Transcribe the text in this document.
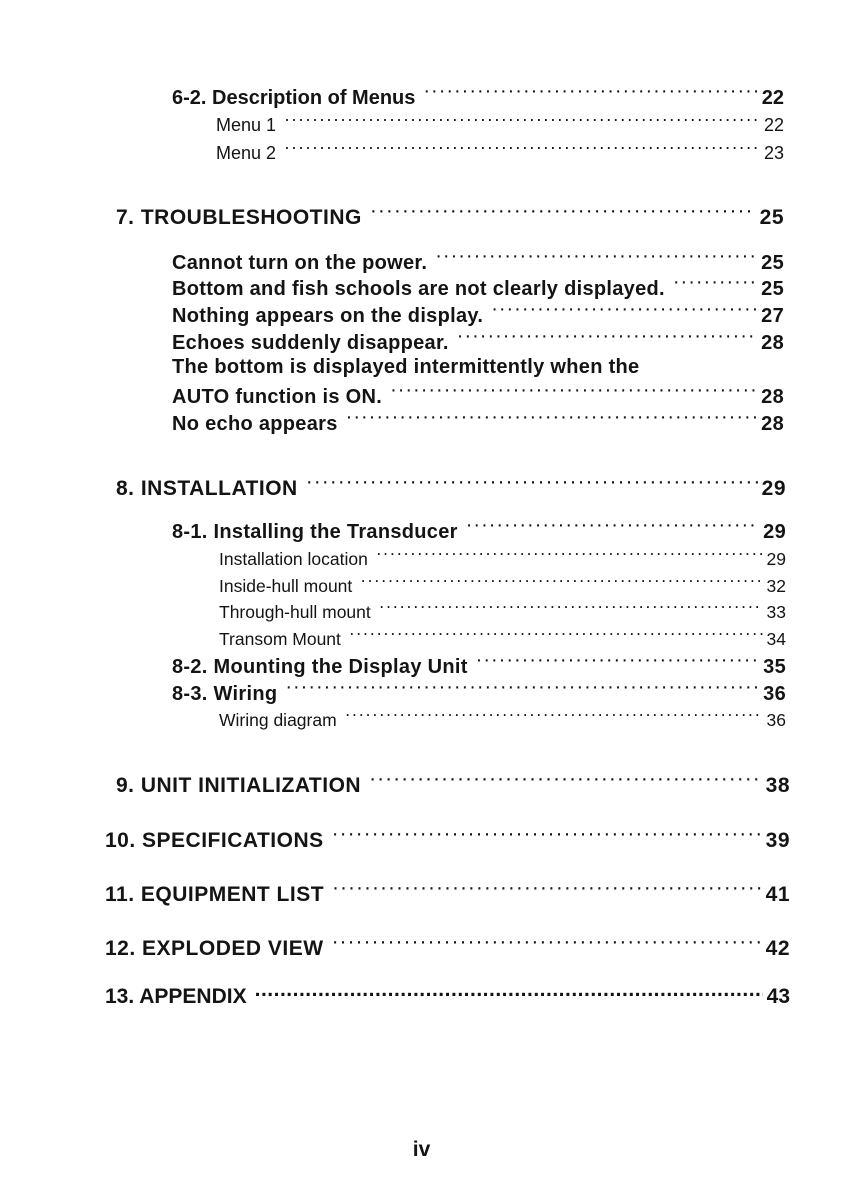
6-2. Description of Menus ·····	22
Menu 1 ·····	22
Menu 2 ·····	23
7. TROUBLESHOOTING ·····	25
Cannot turn on the power. ·····	25
Bottom and fish schools are not clearly displayed. ·····	25
Nothing appears on the display. ·····	27
Echoes suddenly disappear. ·····	28
The bottom is displayed intermittently when the
AUTO function is ON. ·····	28
No echo appears ·····	28
8. INSTALLATION ·····	29
8-1. Installing the Transducer ·····	29
Installation location ·····	29
Inside-hull mount ·····	32
Through-hull mount ·····	33
Transom Mount ·····	34
8-2. Mounting the Display Unit ·····	35
8-3. Wiring ·····	36
Wiring diagram ·····	36
9. UNIT INITIALIZATION ·····	38
10. SPECIFICATIONS ·····	39
11. EQUIPMENT LIST ·····	41
12. EXPLODED VIEW ·····	42
13. APPENDIX .....	43
iv
